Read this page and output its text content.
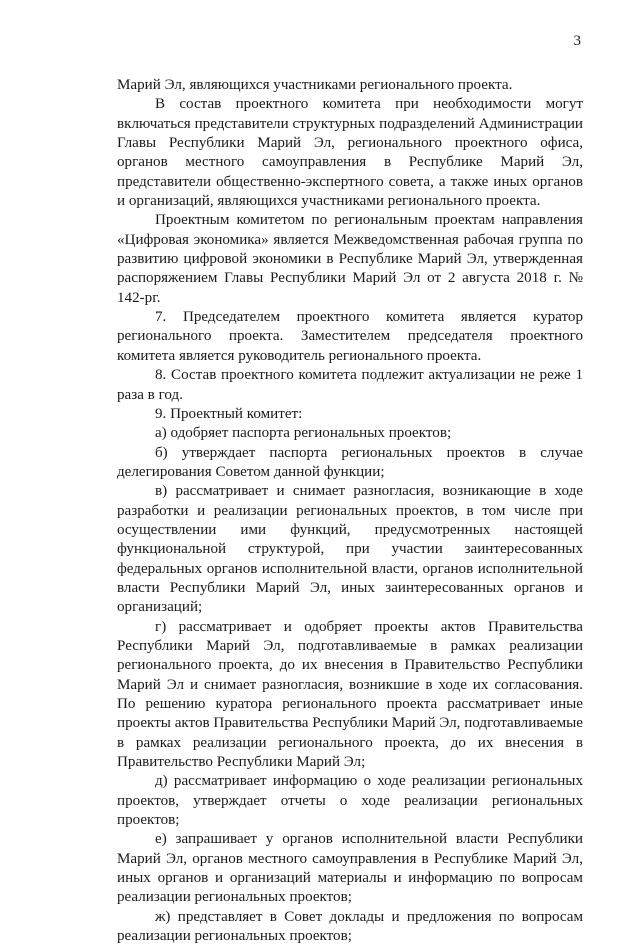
3

Марий Эл, являющихся участниками регионального проекта.

В состав проектного комитета при необходимости могут включаться представители структурных подразделений Администрации Главы Республики Марий Эл, регионального проектного офиса, органов местного самоуправления в Республике Марий Эл, представители общественно-экспертного совета, а также иных органов и организаций, являющихся участниками регионального проекта.

Проектным комитетом по региональным проектам направления «Цифровая экономика» является Межведомственная рабочая группа по развитию цифровой экономики в Республике Марий Эл, утвержденная распоряжением Главы Республики Марий Эл от 2 августа 2018 г. № 142-рг.

7. Председателем проектного комитета является куратор регионального проекта. Заместителем председателя проектного комитета является руководитель регионального проекта.

8. Состав проектного комитета подлежит актуализации не реже 1 раза в год.

9. Проектный комитет:

а) одобряет паспорта региональных проектов;

б) утверждает паспорта региональных проектов в случае делегирования Советом данной функции;

в) рассматривает и снимает разногласия, возникающие в ходе разработки и реализации региональных проектов, в том числе при осуществлении ими функций, предусмотренных настоящей функциональной структурой, при участии заинтересованных федеральных органов исполнительной власти, органов исполнительной власти Республики Марий Эл, иных заинтересованных органов и организаций;

г) рассматривает и одобряет проекты актов Правительства Республики Марий Эл, подготавливаемые в рамках реализации регионального проекта, до их внесения в Правительство Республики Марий Эл и снимает разногласия, возникшие в ходе их согласования. По решению куратора регионального проекта рассматривает иные проекты актов Правительства Республики Марий Эл, подготавливаемые в рамках реализации регионального проекта, до их внесения в Правительство Республики Марий Эл;

д) рассматривает информацию о ходе реализации региональных проектов, утверждает отчеты о ходе реализации региональных проектов;

е) запрашивает у органов исполнительной власти Республики Марий Эл, органов местного самоуправления в Республике Марий Эл, иных органов и организаций материалы и информацию по вопросам реализации региональных проектов;

ж) представляет в Совет доклады и предложения по вопросам реализации региональных проектов;
